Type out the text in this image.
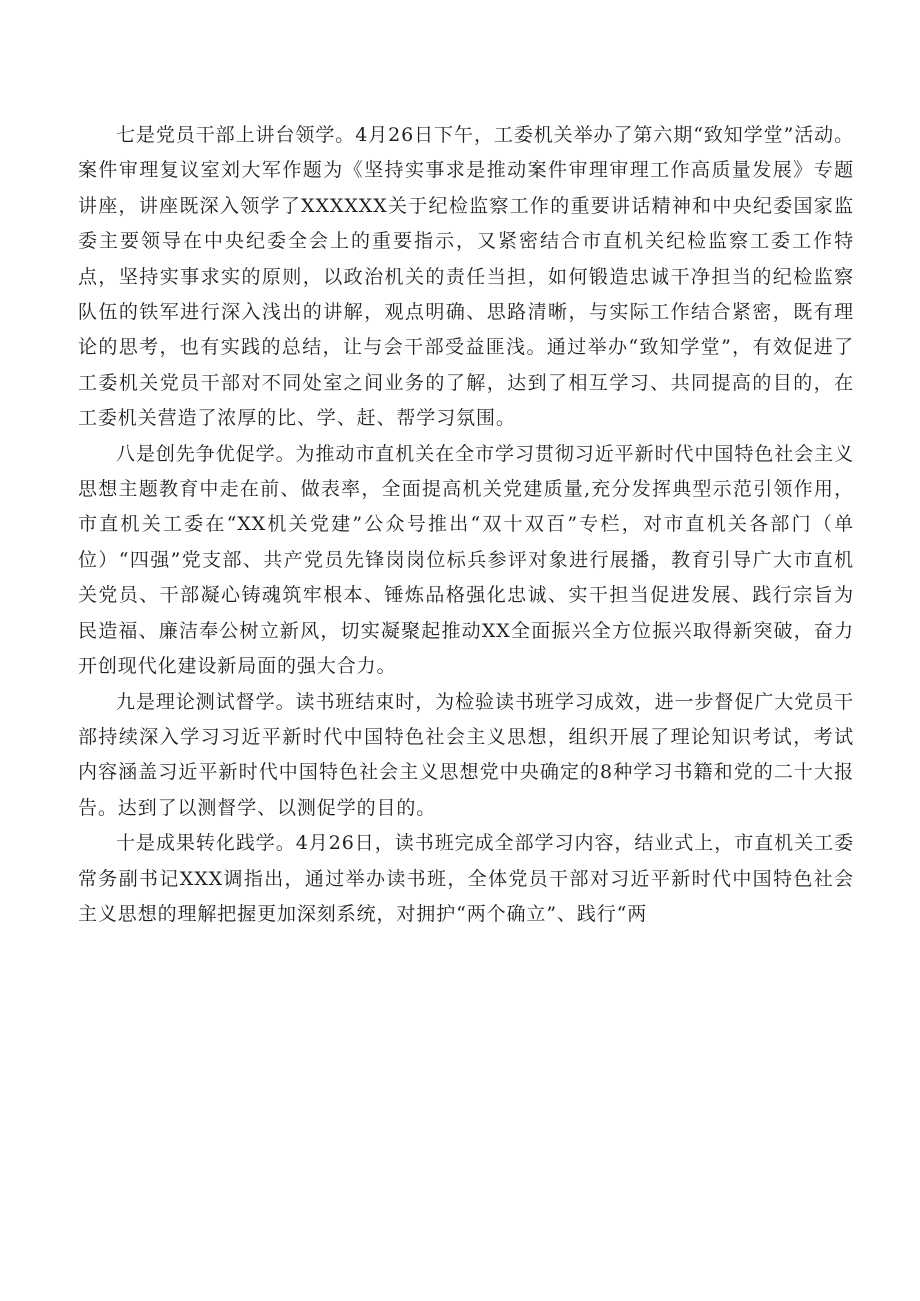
七是党员干部上讲台领学。4月26日下午，工委机关举办了第六期“致知学堂”活动。案件审理复议室刘大军作题为《坚持实事求是推动案件审理审理工作高质量发展》专题讲座，讲座既深入领学了XXXXXX关于纪检监察工作的重要讲话精神和中央纪委国家监委主要领导在中央纪委全会上的重要指示，又紧密结合市直机关纪检监察工委工作特点，坚持实事求实的原则，以政治机关的责任当担，如何锻造忠诚干净担当的纪检监察队伍的铁军进行深入浅出的讲解，观点明确、思路清晰，与实际工作结合紧密，既有理论的思考，也有实践的总结，让与会干部受益匪浅。通过举办“致知学堂”，有效促进了工委机关党员干部对不同处室之间业务的了解，达到了相互学习、共同提高的目的，在工委机关营造了浓厚的比、学、赶、帮学习氛围。

八是创先争优促学。为推动市直机关在全市学习贯彻习近平新时代中国特色社会主义思想主题教育中走在前、做表率，全面提高机关党建质量,充分发挥典型示范引领作用，市直机关工委在“XX机关党建”公众号推出“双十双百”专栏，对市直机关各部门（单位）“四强”党支部、共产党员先锋岗岗位标兵参评对象进行展播，教育引导广大市直机关党员、干部凝心铸魂筑牢根本、锤炼品格强化忠诚、实干担当促进发展、践行宗旨为民造福、廉洁奉公树立新风，切实凝聚起推动XX全面振兴全方位振兴取得新突破，奋力开创现代化建设新局面的强大合力。

九是理论测试督学。读书班结束时，为检验读书班学习成效，进一步督促广大党员干部持续深入学习习近平新时代中国特色社会主义思想，组织开展了理论知识考试，考试内容涵盖习近平新时代中国特色社会主义思想党中央确定的8种学习书籍和党的二十大报告。达到了以测督学、以测促学的目的。

十是成果转化践学。4月26日，读书班完成全部学习内容，结业式上，市直机关工委常务副书记XXX调指出，通过举办读书班，全体党员干部对习近平新时代中国特色社会主义思想的理解把握更加深刻系统，对拥护“两个确立”、践行“两
